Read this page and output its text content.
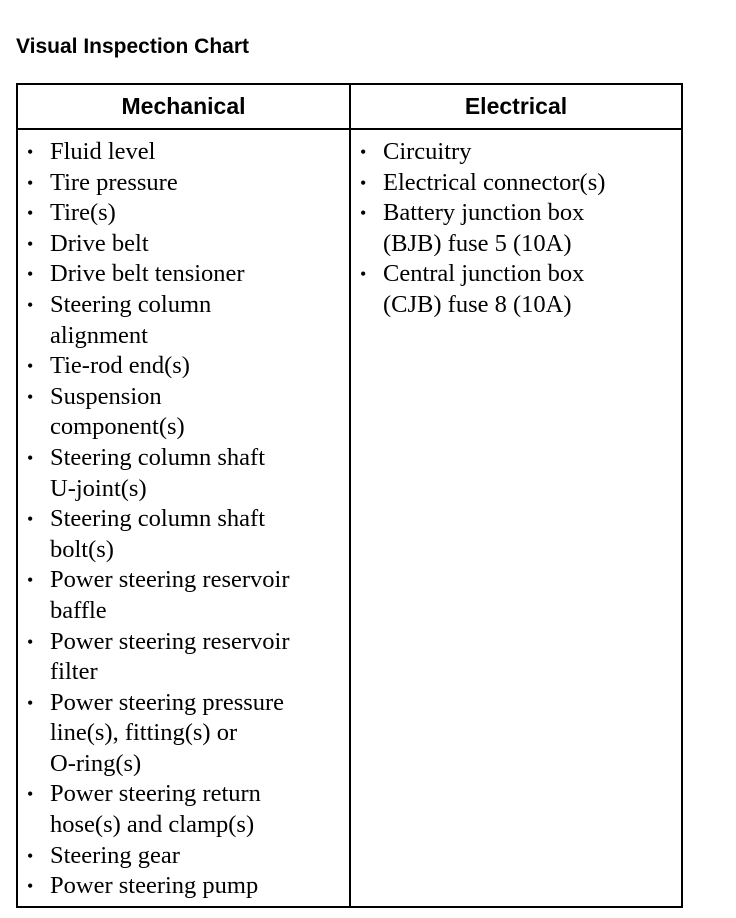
Visual Inspection Chart
Mechanical	Electrical
• Fluid level
• Tire pressure
• Tire(s)
• Drive belt
• Drive belt tensioner
• Steering column
alignment
• Tie-rod end(s)
• Suspension
component(s)
• Steering column shaft
U-joint(s)
• Steering column shaft
bolt(s)
• Power steering reservoir
baffle
• Power steering reservoir
filter
• Power steering pressure
line(s), fitting(s) or
O-ring(s)
• Power steering return
hose(s) and clamp(s)
• Steering gear
• Power steering pump
• Circuitry
• Electrical connector(s)
• Battery junction box
(BJB) fuse 5 (10A)
• Central junction box
(CJB) fuse 8 (10A)
